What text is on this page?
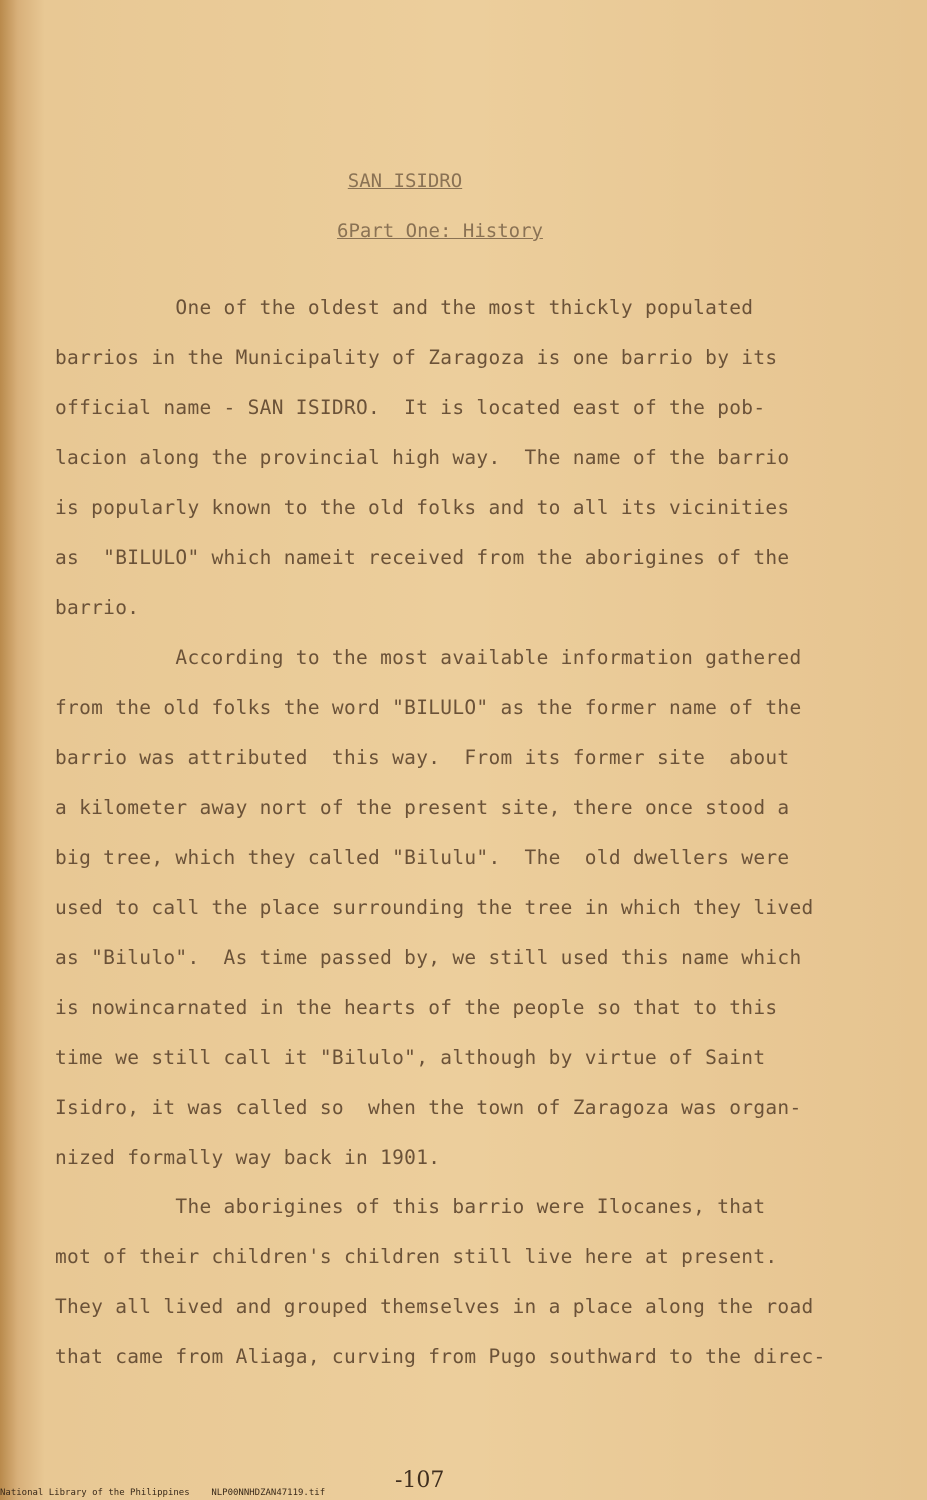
SAN ISIDRO
6Part One: History
One of the oldest and the most thickly populated
barrios in the Municipality of Zaragoza is one barrio by its
official name - SAN ISIDRO.  It is located east of the pob-
lacion along the provincial high way.  The name of the barrio
is popularly known to the old folks and to all its vicinities
as  "BILULO" which nameit received from the aborigines of the
barrio.
According to the most available information gathered
from the old folks the word "BILULO" as the former name of the
barrio was attributed  this way.  From its former site  about
a kilometer away nort of the present site, there once stood a
big tree, which they called "Bilulu".  The  old dwellers were
used to call the place surrounding the tree in which they lived
as "Bilulo".  As time passed by, we still used this name which
is nowincarnated in the hearts of the people so that to this
time we still call it "Bilulo", although by virtue of Saint
Isidro, it was called so  when the town of Zaragoza was organ-
nized formally way back in 1901.
The aborigines of this barrio were Ilocanes, that
mot of their children's children still live here at present.
They all lived and grouped themselves in a place along the road
that came from Aliaga, curving from Pugo southward to the direc-
-107
National Library of the Philippines    NLP00NNHDZAN47119.tif
